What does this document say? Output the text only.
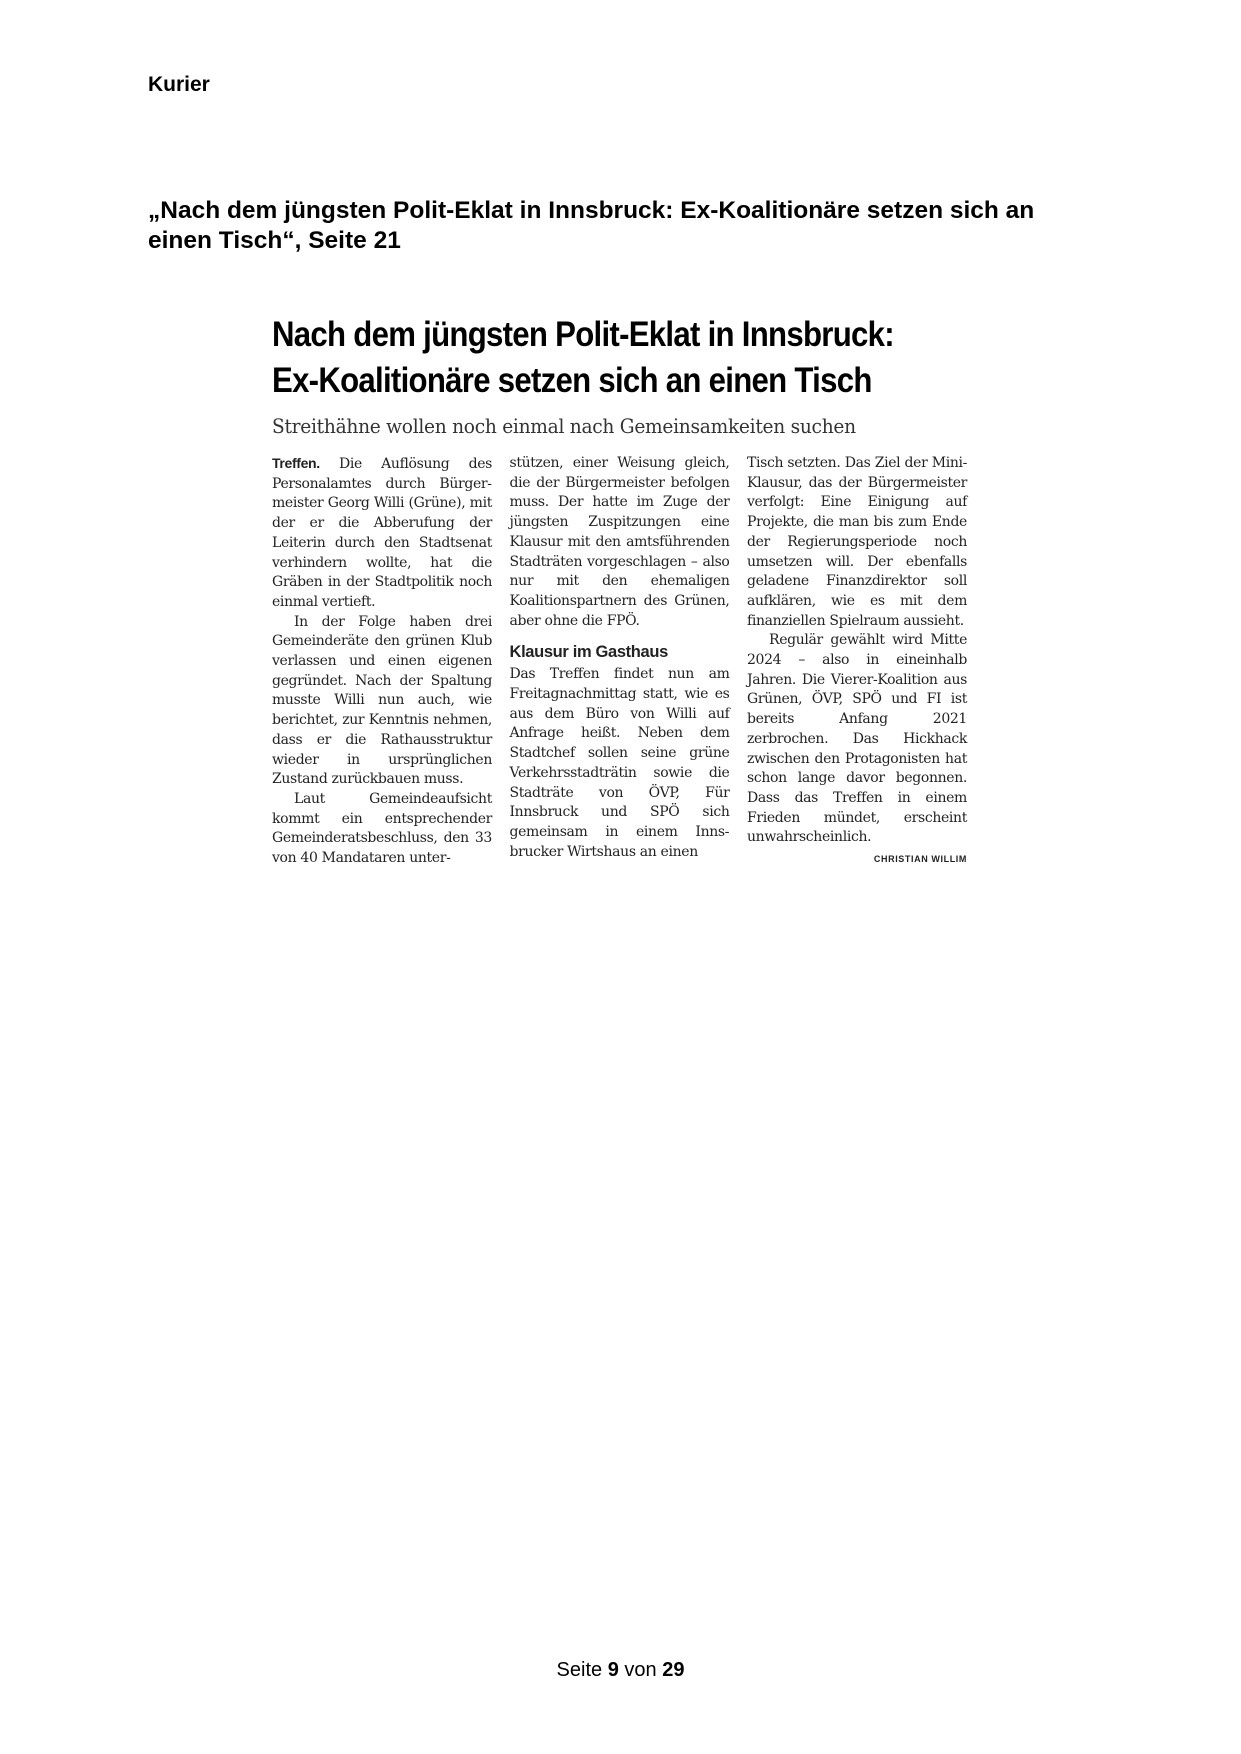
Kurier
„Nach dem jüngsten Polit-Eklat in Innsbruck: Ex-Koalitionäre setzen sich an einen Tisch“, Seite 21
Nach dem jüngsten Polit-Eklat in Innsbruck:
Ex-Koalitionäre setzen sich an einen Tisch
Streithähne wollen noch einmal nach Gemeinsamkeiten suchen

Treffen. Die Auflösung des Personalamtes durch Bürgermeister Georg Willi (Grüne), mit der er die Abberufung der Leiterin durch den Stadtsenat verhindern wollte, hat die Gräben in der Stadtpolitik noch einmal vertieft.

In der Folge haben drei Gemeinderäte den grünen Klub verlassen und einen eigenen gegründet. Nach der Spaltung musste Willi nun auch, wie berichtet, zur Kenntnis nehmen, dass er die Rathausstruktur wieder in ursprünglichen Zustand zurückbauen muss.

Laut Gemeindeaufsicht kommt ein entsprechender Gemeinderatsbeschluss, den 33 von 40 Mandataren unter-

stützen, einer Weisung gleich, die der Bürgermeister befolgen muss. Der hatte im Zuge der jüngsten Zuspitzungen eine Klausur mit den amtsführenden Stadträten vorgeschlagen – also nur mit den ehemaligen Koalitionspartnern des Grünen, aber ohne die FPÖ.

Klausur im Gasthaus

Das Treffen findet nun am Freitagnachmittag statt, wie es aus dem Büro von Willi auf Anfrage heißt. Neben dem Stadtchef sollen seine grüne Verkehrsstadträtin sowie die Stadträte von ÖVP, Für Innsbruck und SPÖ sich gemeinsam in einem Innsbrucker Wirtshaus an einen

Tisch setzten. Das Ziel der Mini-Klausur, das der Bürgermeister verfolgt: Eine Einigung auf Projekte, die man bis zum Ende der Regierungsperiode noch umsetzen will. Der ebenfalls geladene Finanzdirektor soll aufklären, wie es mit dem finanziellen Spielraum aussieht.

Regulär gewählt wird Mitte 2024 – also in eineinhalb Jahren. Die Vierer-Koalition aus Grünen, ÖVP, SPÖ und FI ist bereits Anfang 2021 zerbrochen. Das Hickhack zwischen den Protagonisten hat schon lange davor begonnen. Dass das Treffen in einem Frieden mündet, erscheint unwahrscheinlich.

CHRISTIAN WILLIM
Seite 9 von 29
